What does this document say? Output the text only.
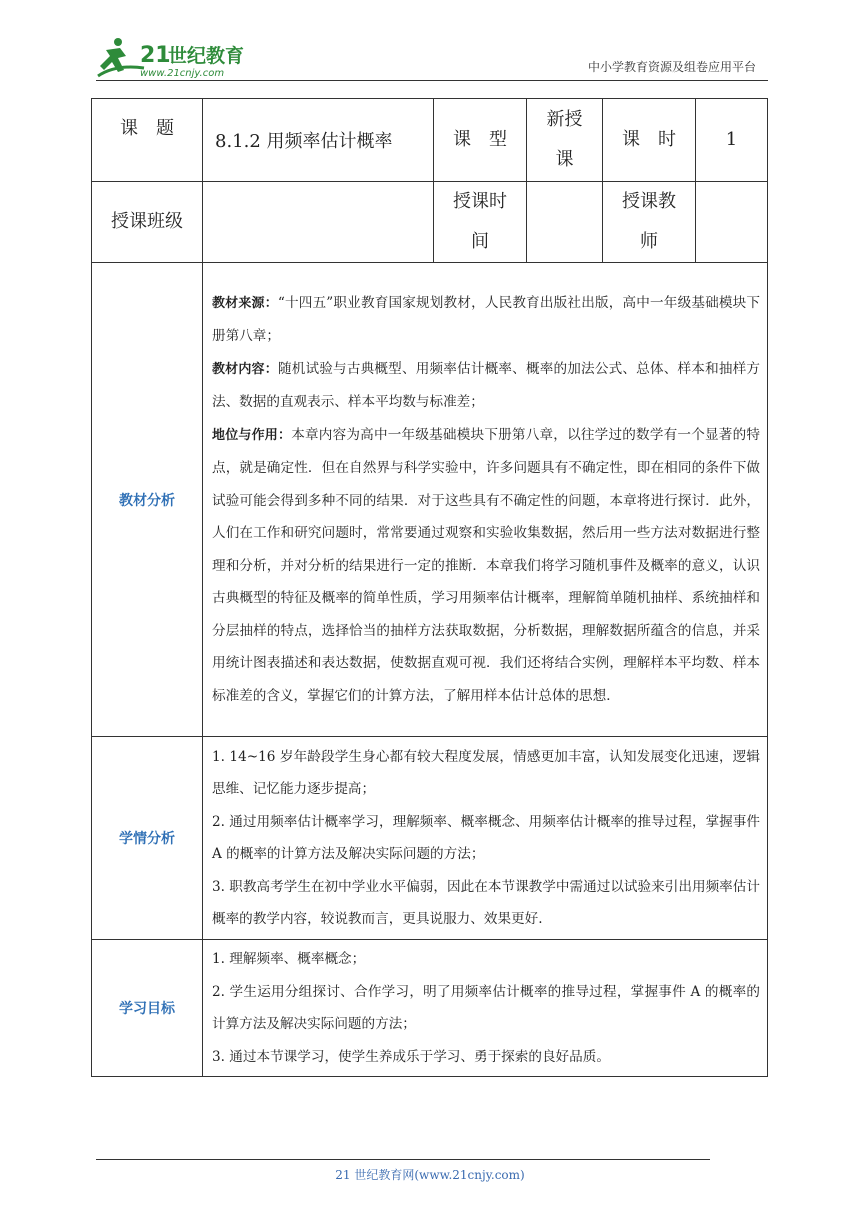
21
世纪教育
www.21cnjy.com	中小学教育资源及组卷应用平台
课　题	8.1.2 用频率估计概率	课　型	新授课	课　时	1
授课班级		授课时间		授课教师	
教材分析	教材来源：“十四五”职业教育国家规划教材，人民教育出版社出版，高中一年级基础模块下册第八章；

教材内容：随机试验与古典概型、用频率估计概率、概率的加法公式、总体、样本和抽样方法、数据的直观表示、样本平均数与标准差；

地位与作用：本章内容为高中一年级基础模块下册第八章，以往学过的数学有一个显著的特点，就是确定性．但在自然界与科学实验中，许多问题具有不确定性，即在相同的条件下做试验可能会得到多种不同的结果．对于这些具有不确定性的问题，本章将进行探讨．此外，人们在工作和研究问题时，常常要通过观察和实验收集数据，然后用一些方法对数据进行整理和分析，并对分析的结果进行一定的推断．本章我们将学习随机事件及概率的意义，认识古典概型的特征及概率的简单性质，学习用频率估计概率，理解简单随机抽样、系统抽样和分层抽样的特点，选择恰当的抽样方法获取数据，分析数据，理解数据所蕴含的信息，并采用统计图表描述和表达数据，使数据直观可视．我们还将结合实例，理解样本平均数、样本标准差的含义，掌握它们的计算方法，了解用样本估计总体的思想．				

学情分析	1. 14~16 岁年龄段学生身心都有较大程度发展，情感更加丰富，认知发展变化迅速，逻辑思维、记忆能力逐步提高；

2. 通过用频率估计概率学习，理解频率、概率概念、用频率估计概率的推导过程，掌握事件 A 的概率的计算方法及解决实际问题的方法；

3. 职教高考学生在初中学业水平偏弱，因此在本节课教学中需通过以试验来引出用频率估计概率的教学内容，较说教而言，更具说服力、效果更好.				

学习目标	1. 理解频率、概率概念；

2. 学生运用分组探讨、合作学习，明了用频率估计概率的推导过程，掌握事件 A 的概率的计算方法及解决实际问题的方法；

3. 通过本节课学习，使学生养成乐于学习、勇于探索的良好品质。				

21 世纪教育网(www.21cnjy.com)
